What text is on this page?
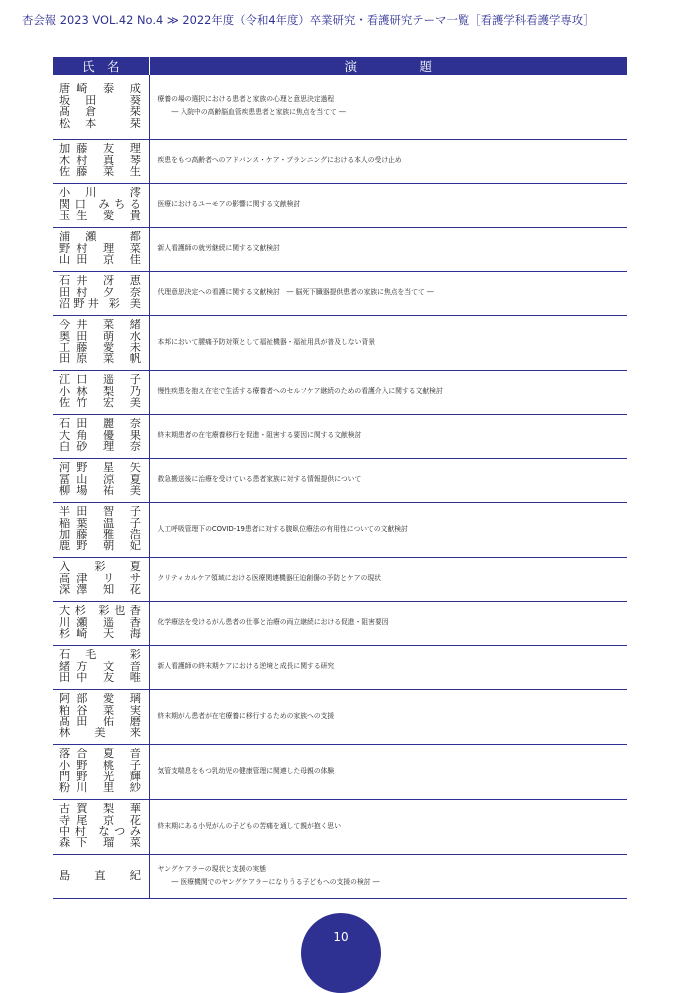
杏会報 2023 VOL.42 No.4 ≫ 2022年度（令和4年度）卒業研究・看護研究テーマ一覧［看護学科看護学専攻］
氏　名	演　　　　　題

唐崎 泰 成
坂田 葵
髙倉 栞
松本 栞	療養の場の選択における患者と家族の心理と意思決定過程
― 入院中の高齢脳血管疾患患者と家族に焦点を当てて ―

加藤 友 理
木村 真 琴
佐藤 菜 生	疾患をもつ高齢者へのアドバンス・ケア・プランニングにおける本人の受け止め

小川 澪
関口 みちる
玉生 愛 貴	医療におけるユーモアの影響に関する文献検討

浦瀬 都
野村 理 菜
山田 京 佳	新人看護師の就労継続に関する文献検討

石井 冴 恵
田村 夕 奈
沼野井 彩 美	代理意思決定への看護に関する文献検討　― 脳死下臓器提供患者の家族に焦点を当てて ―

今井 菜 緒
奥田 萌 水
工藤 愛 未
田原 菜 帆	本邦において腰痛予防対策として福祉機器・福祉用具が普及しない背景

江口 遥 子
小林 梨 乃
佐竹 宏 美	慢性疾患を抱え在宅で生活する療養者へのセルフケア継続のための看護介入に関する文献検討

石田 麗 奈
大角 優 果
白砂 理 奈	終末期患者の在宅療養移行を促進・阻害する要因に関する文献検討

河野 星 矢
冨山 涼 夏
柳場 祐 美	救急搬送後に治療を受けている患者家族に対する情報提供について

半田 智 子
稲葉 温 子
加藤 雅 浩
鹿野 朝 妃	人工呼吸管理下のCOVID-19患者に対する腹臥位療法の有用性についての文献検討

入 彩 夏
高津 リ サ
深澤 知 花	クリティカルケア領域における医療関連機器圧迫創傷の予防とケアの現状

大杉 彩也香
川瀬 遥 香
杉崎 天 海	化学療法を受けるがん患者の仕事と治療の両立継続における促進・阻害要因

石毛 彩
緒方 文 音
田中 友 唯	新人看護師の終末期ケアにおける逆境と成長に関する研究

阿部 愛 璃
粕谷 菜 実
髙田 佑 磨
林 美 来	終末期がん患者が在宅療養に移行するための家族への支援

落合 夏 音
小野 桃 子
門野 光 輝
粉川 里 紗	気管支喘息をもつ乳幼児の健康管理に関連した母親の体験

古賀 梨 華
寺尾 京 花
中村 なつみ
森下 瑠 菜	終末期にある小児がんの子どもの苦痛を通して親が抱く思い

島 直 紀	ヤングケアラーの現状と支援の実態
― 医療機関でのヤングケアラーになりうる子どもへの支援の検討 ―
10
